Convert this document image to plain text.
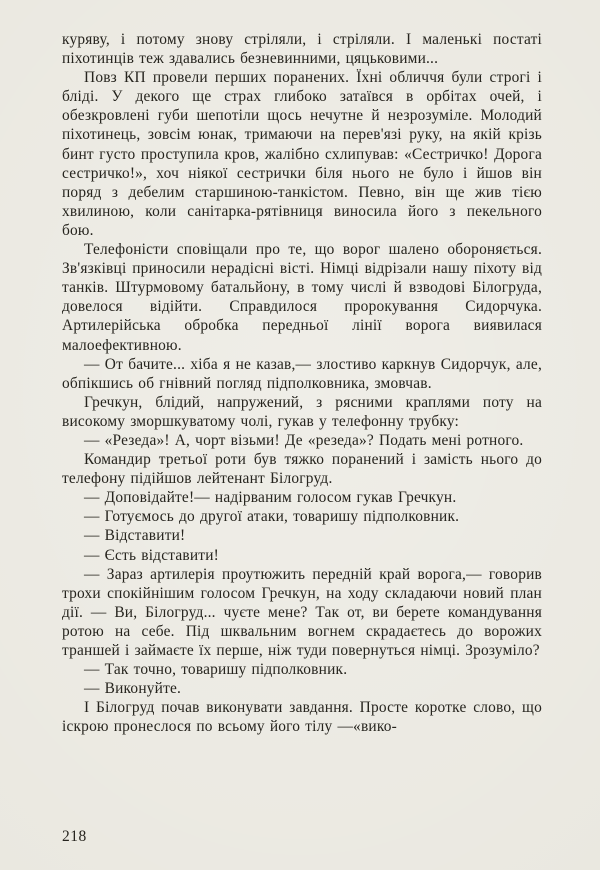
куряву, і потому знову стріляли, і стріляли. І маленькі постаті піхотинців теж здавались безневинними, цяцьковими...

Повз КП провели перших поранених. Їхні обличчя були строгі і бліді. У декого ще страх глибоко затаївся в орбітах очей, і обезкровлені губи шепотіли щось нечутне й незрозуміле. Молодий піхотинець, зовсім юнак, тримаючи на перев'язі руку, на якій крізь бинт густо проступила кров, жалібно схлипував: «Сестричко! Дорога сестричко!», хоч ніякої сестрички біля нього не було і йшов він поряд з дебелим старшиною-танкістом. Певно, він ще жив тією хвилиною, коли санітарка-рятівниця виносила його з пекельного бою.

Телефоністи сповіщали про те, що ворог шалено обороняється. Зв'язківці приносили нерадісні вісті. Німці відрізали нашу піхоту від танків. Штурмовому батальйону, в тому числі й взводові Білогруда, довелося відійти. Справдилося пророкування Сидорчука. Артилерійська обробка передньої лінії ворога виявилася малоефективною.

— От бачите... хіба я не казав,— злостиво каркнув Сидорчук, але, обпікшись об гнівний погляд підполковника, змовчав.

Гречкун, блідий, напружений, з рясними краплями поту на високому зморшкуватому чолі, гукав у телефонну трубку:

— «Резеда»! А, чорт візьми! Де «резеда»? Подать мені ротного.

Командир третьої роти був тяжко поранений і замість нього до телефону підійшов лейтенант Білогруд.

— Доповідайте!— надірваним голосом гукав Гречкун.

— Готуємось до другої атаки, товаришу підполковник.

— Відставити!

— Єсть відставити!

— Зараз артилерія проутюжить передній край ворога,— говорив трохи спокійнішим голосом Гречкун, на ходу складаючи новий план дії. — Ви, Білогруд... чуєте мене? Так от, ви берете командування ротою на себе. Під шквальним вогнем скрадаєтесь до ворожих траншей і займаєте їх перше, ніж туди повернуться німці. Зрозуміло?

— Так точно, товаришу підполковник.

— Виконуйте.

І Білогруд почав виконувати завдання. Просте коротке слово, що іскрою пронеслося по всьому його тілу —«вико-

218
